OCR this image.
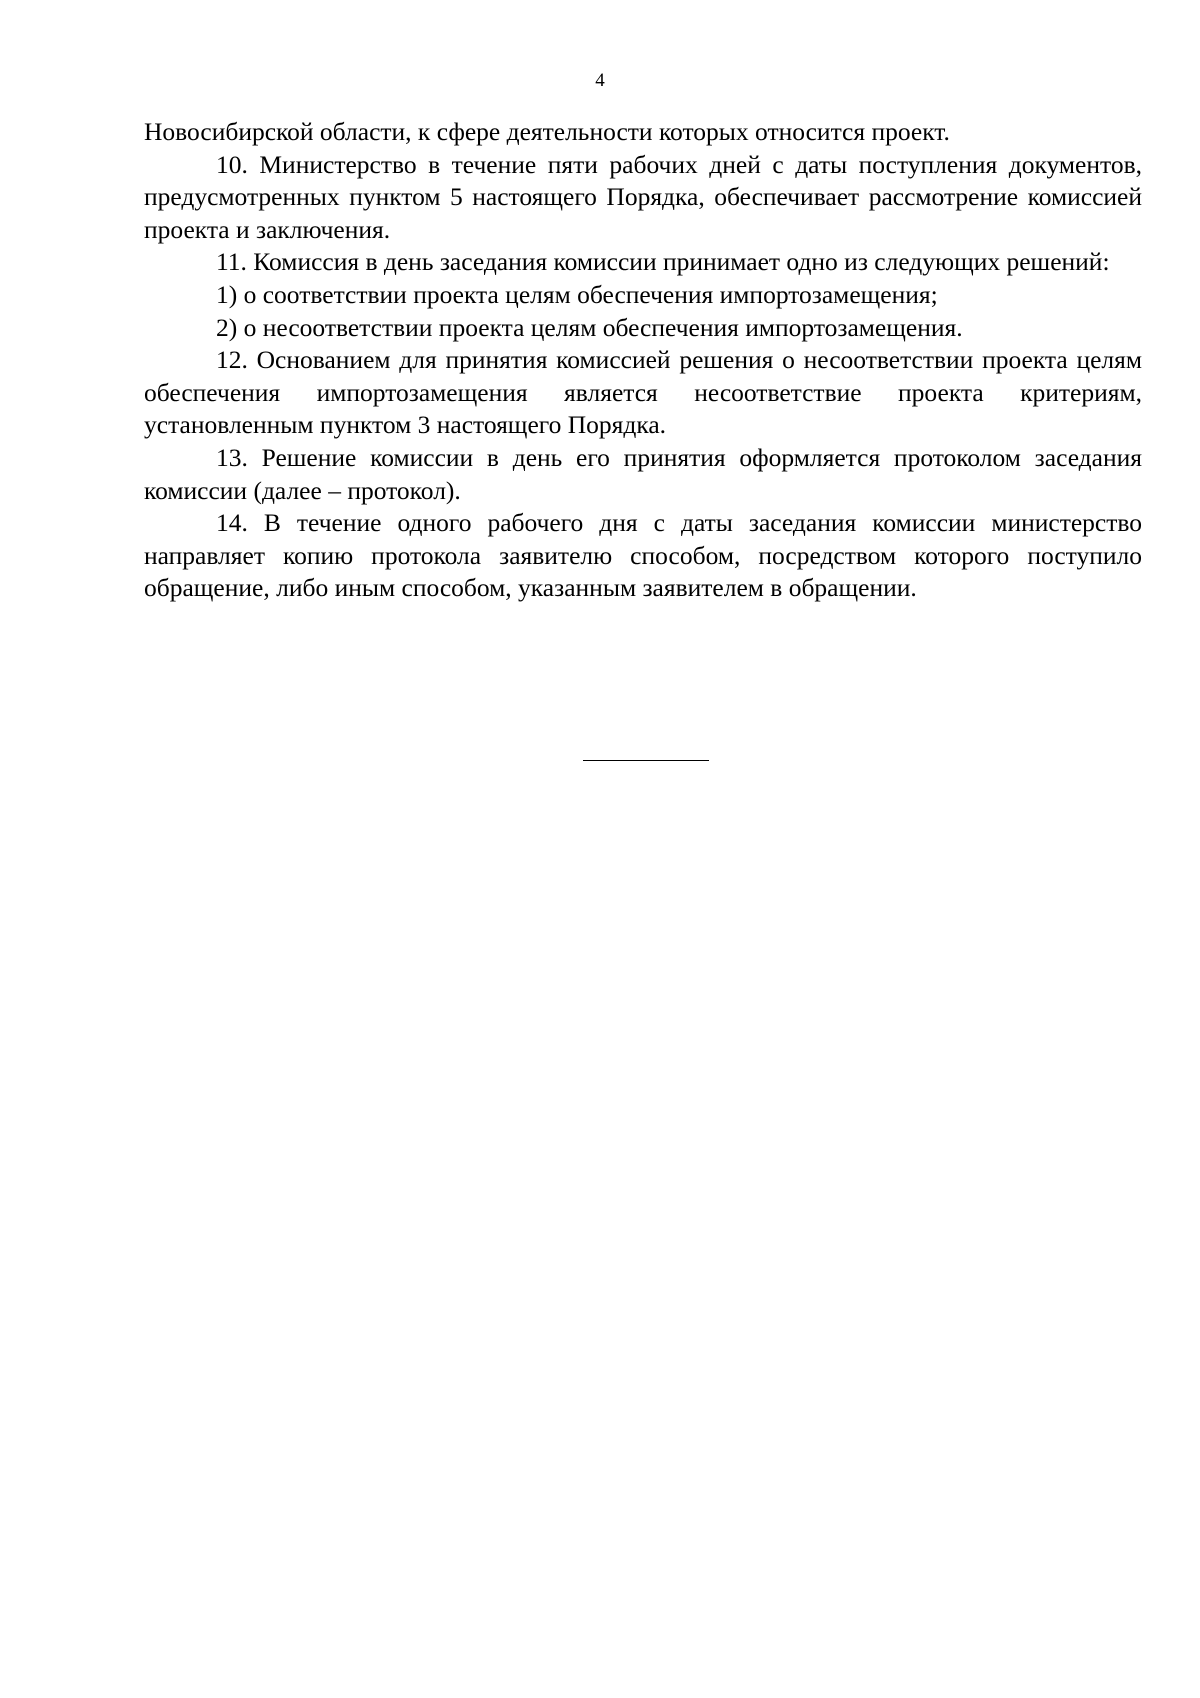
4

Новосибирской области, к сфере деятельности которых относится проект.

10. Министерство в течение пяти рабочих дней с даты поступления документов, предусмотренных пунктом 5 настоящего Порядка, обеспечивает рассмотрение комиссией проекта и заключения.

11. Комиссия в день заседания комиссии принимает одно из следующих решений:

1) о соответствии проекта целям обеспечения импортозамещения;

2) о несоответствии проекта целям обеспечения импортозамещения.

12. Основанием для принятия комиссией решения о несоответствии проекта целям обеспечения импортозамещения является несоответствие проекта критериям, установленным пунктом 3 настоящего Порядка.

13. Решение комиссии в день его принятия оформляется протоколом заседания комиссии (далее – протокол).

14. В течение одного рабочего дня с даты заседания комиссии министерство направляет копию протокола заявителю способом, посредством которого поступило обращение, либо иным способом, указанным заявителем в обращении.
